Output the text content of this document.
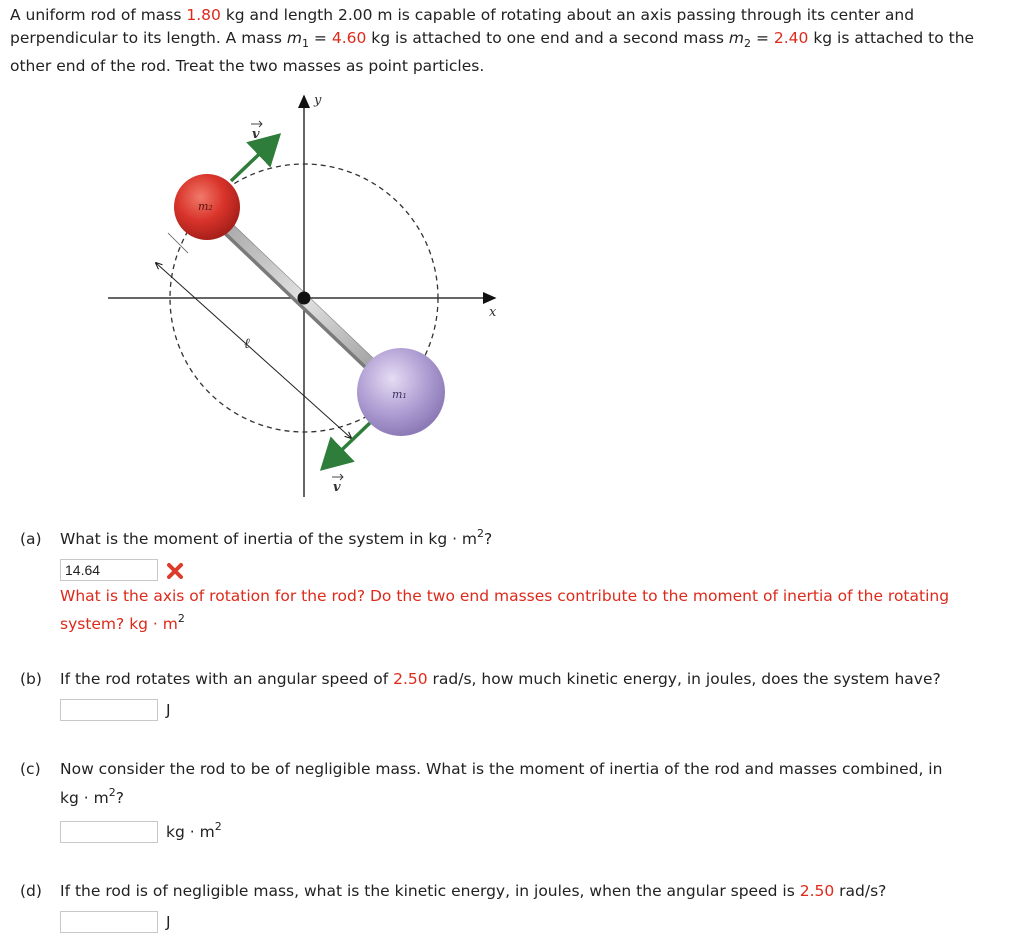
A uniform rod of mass 1.80 kg and length 2.00 m is capable of rotating about an axis passing through its center and perpendicular to its length. A mass $m_1 = 4.60$ kg is attached to one end and a second mass $m_2 = 2.40$ kg is attached to the other end of the rod. Treat the two masses as point particles.
y
x
ℓ
v
v
m₂
m₁
(a) What is the moment of inertia of the system in kg · $m^2$?
14.64
What is the axis of rotation for the rod? Do the two end masses contribute to the moment of inertia of the rotating system? kg · $m^2$
(b) If the rod rotates with an angular speed of 2.50 rad/s, how much kinetic energy, in joules, does the system have?
J
(c) Now consider the rod to be of negligible mass. What is the moment of inertia of the rod and masses combined, in
kg · $m^2$?
kg · $m^2$
(d) If the rod is of negligible mass, what is the kinetic energy, in joules, when the angular speed is 2.50 rad/s?
J
